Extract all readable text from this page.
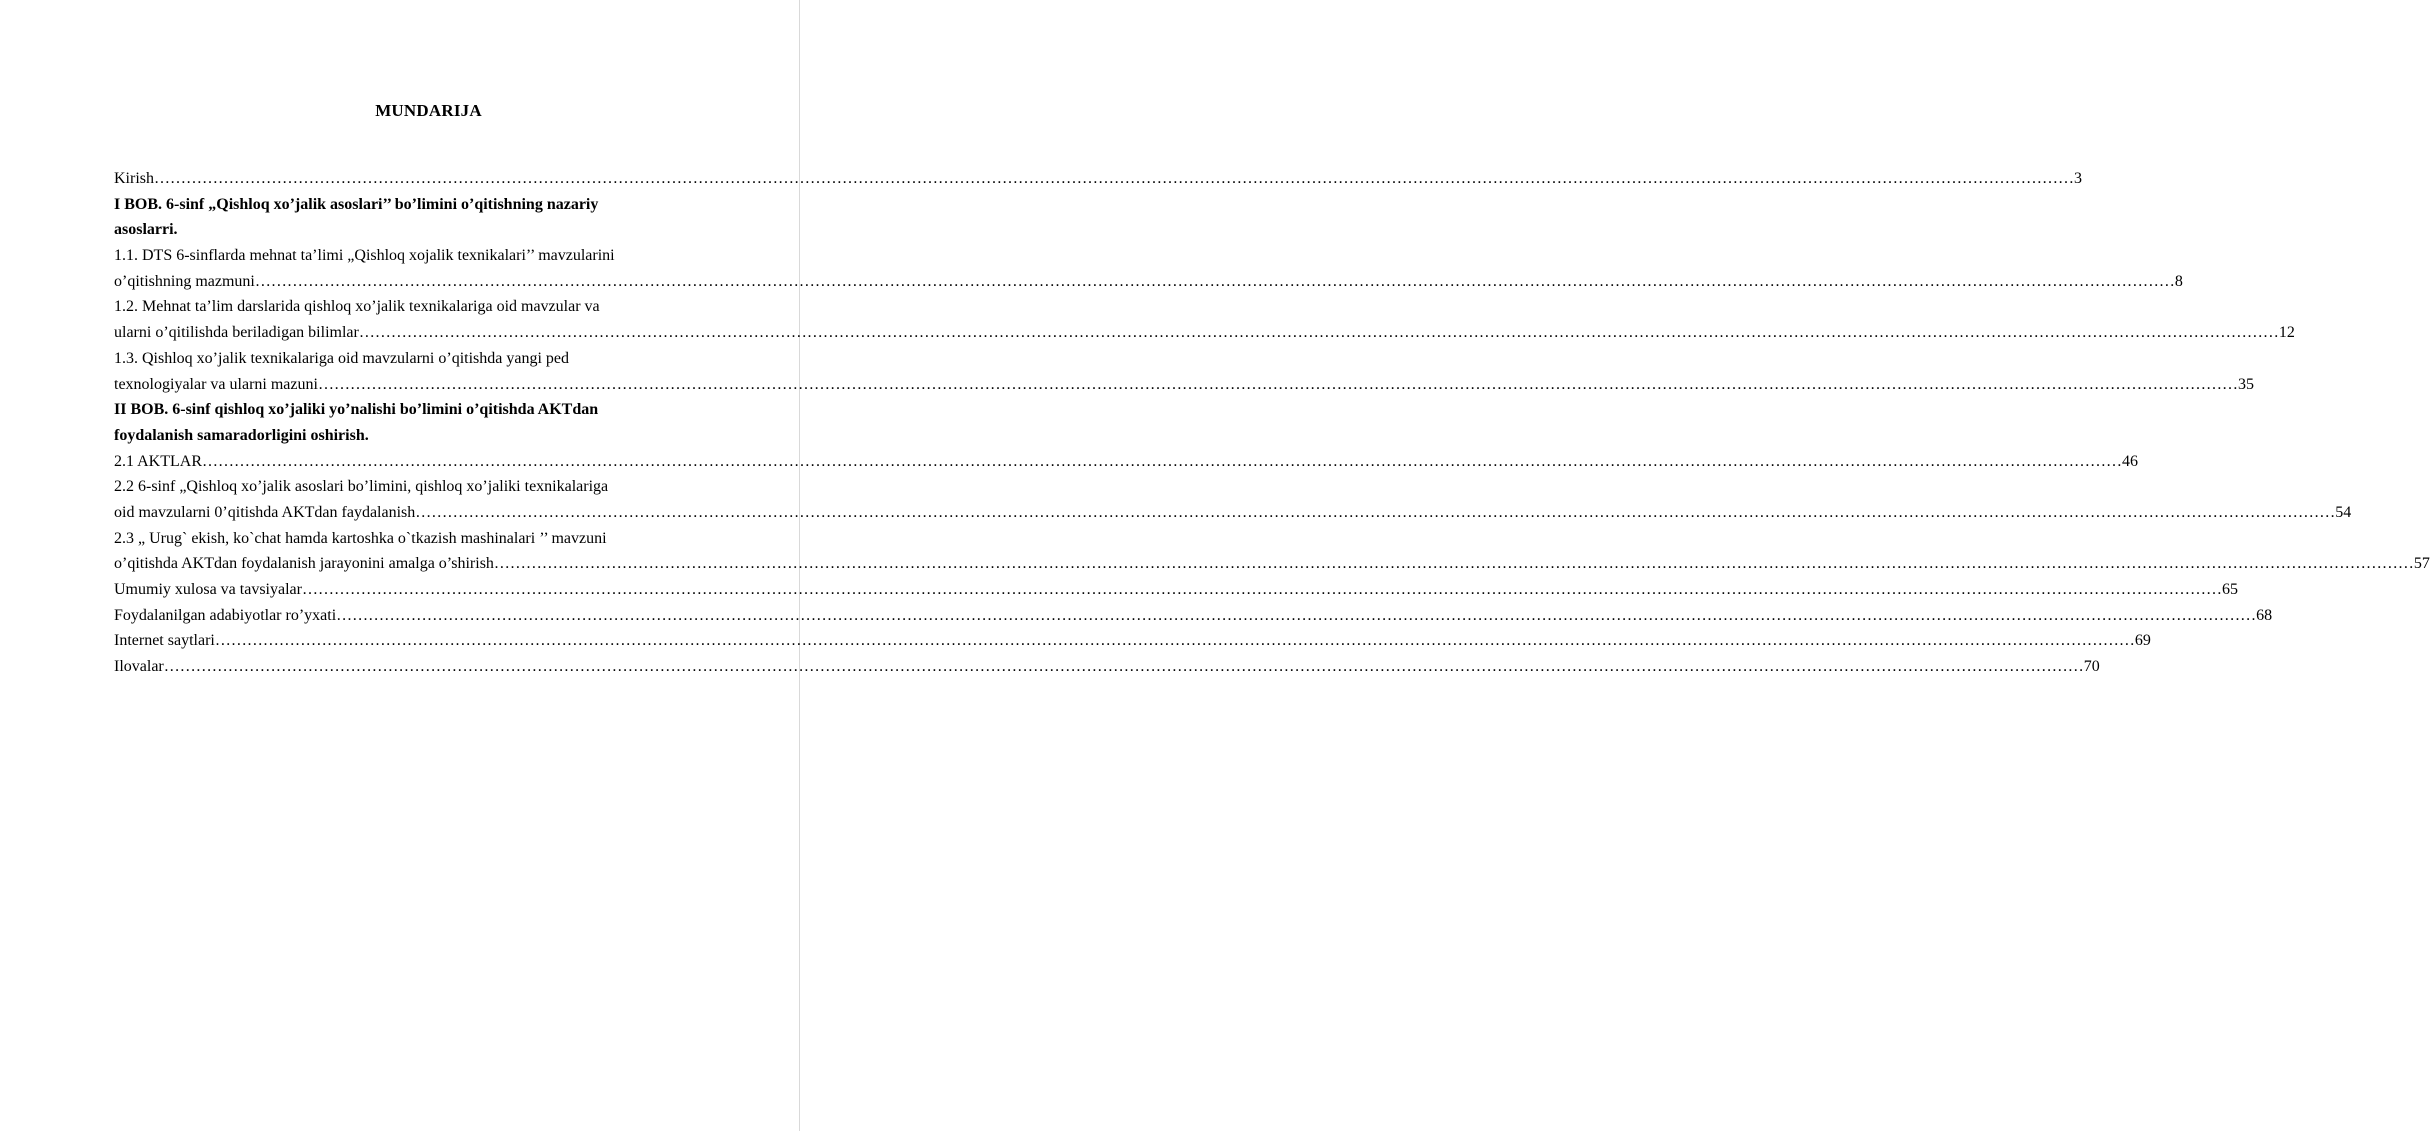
MUNDARIJA
Kirish……………………………………………………………………………………………………………………………………………………………………………………………………………………………………………………………………………………………………………………………… 3
I BOB. 6-sinf „Qishloq xo’jalik asoslari’’ bo’limini o’qitishning nazariy
asoslarri.
1.1. DTS 6-sinflarda mehnat ta’limi „Qishloq xojalik texnikalari’’ mavzularini
o’qitishning mazmuni……………………………………………………………………………………………………………………………………………………………………………………………………………………………………………………………………………………………………………………………… 8
1.2. Mehnat ta’lim darslarida qishloq xo’jalik texnikalariga oid mavzular va
ularni o’qitilishda beriladigan bilimlar……………………………………………………………………………………………………………………………………………………………………………………………………………………………………………………………………………………………………………………………… 12
1.3. Qishloq xo’jalik texnikalariga oid mavzularni o’qitishda yangi ped
texnologiyalar va ularni mazuni……………………………………………………………………………………………………………………………………………………………………………………………………………………………………………………………………………………………………………………………… 35
II BOB. 6-sinf qishloq xo’jaliki yo’nalishi bo’limini o’qitishda AKTdan
foydalanish samaradorligini oshirish.
2.1 AKTLAR……………………………………………………………………………………………………………………………………………………………………………………………………………………………………………………………………………………………………………………………… 46
2.2 6-sinf „Qishloq xo’jalik asoslari bo’limini, qishloq xo’jaliki texnikalariga
oid mavzularni 0’qitishda AKTdan faydalanish……………………………………………………………………………………………………………………………………………………………………………………………………………………………………………………………………………………………………………………………… 54
2.3 „ Urug` ekish, ko`chat hamda kartoshka o`tkazish mashinalari ’’ mavzuni
o’qitishda AKTdan foydalanish jarayonini amalga o’shirish……………………………………………………………………………………………………………………………………………………………………………………………………………………………………………………………………………………………………………………………… 57
Umumiy xulosa va tavsiyalar……………………………………………………………………………………………………………………………………………………………………………………………………………………………………………………………………………………………………………………………… 65
Foydalanilgan adabiyotlar ro’yxati……………………………………………………………………………………………………………………………………………………………………………………………………………………………………………………………………………………………………………………………… 68
Internet saytlari……………………………………………………………………………………………………………………………………………………………………………………………………………………………………………………………………………………………………………………………… 69
Ilovalar……………………………………………………………………………………………………………………………………………………………………………………………………………………………………………………………………………………………………………………………… 70
